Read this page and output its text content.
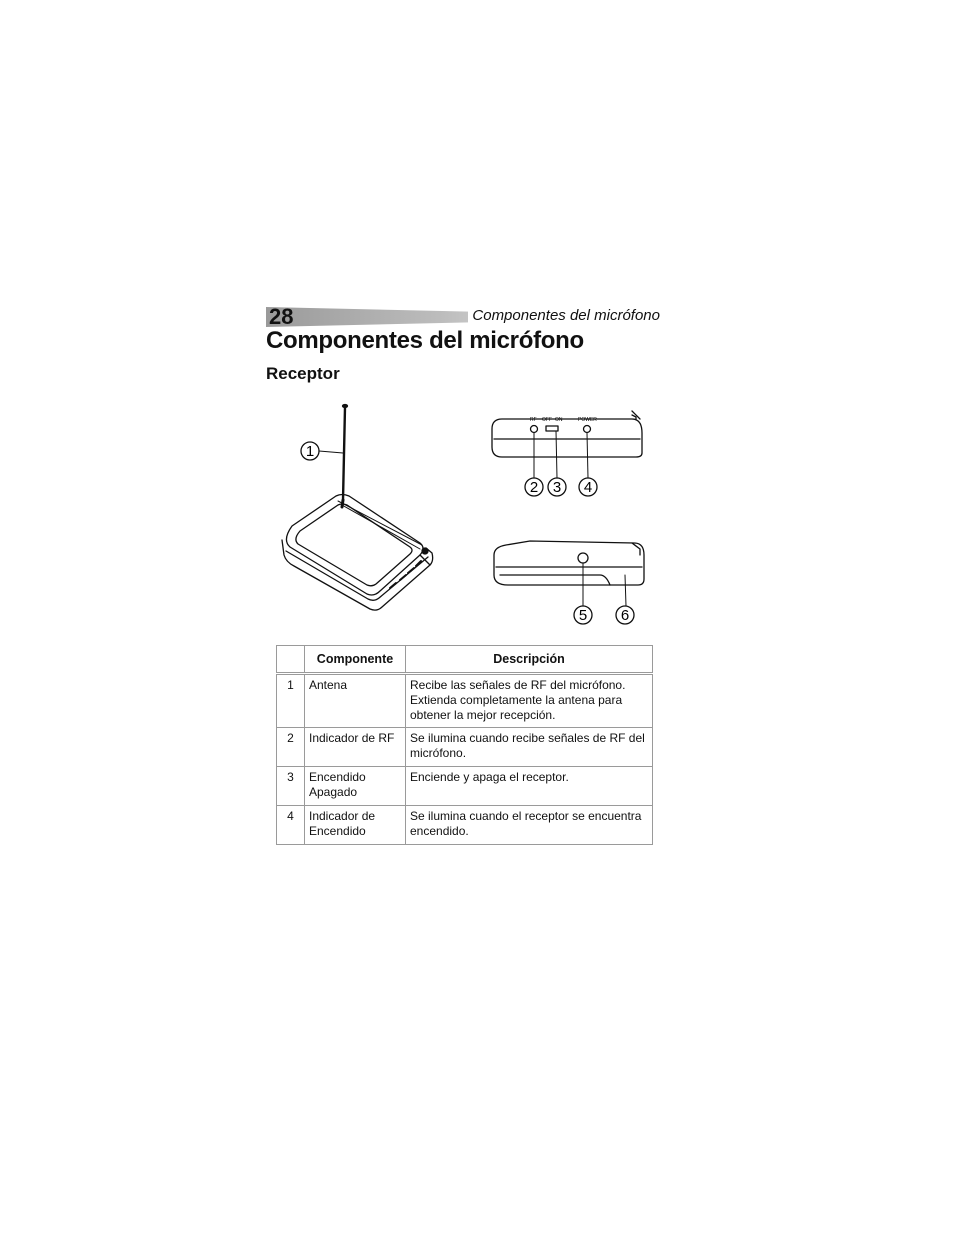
28	Componentes del micrófono
Componentes del micrófono
Receptor
1
2 3 4
5 6
RF OFF ON	POWER
	Componente	Descripción
1	Antena	Recibe las señales de RF del micrófono. Extienda completamente la antena para obtener la mejor recepción.
2	Indicador de RF	Se ilumina cuando recibe señales de RF del micrófono.
3	Encendido Apagado	Enciende y apaga el receptor.
4	Indicador de Encendido	Se ilumina cuando el receptor se encuentra encendido.
